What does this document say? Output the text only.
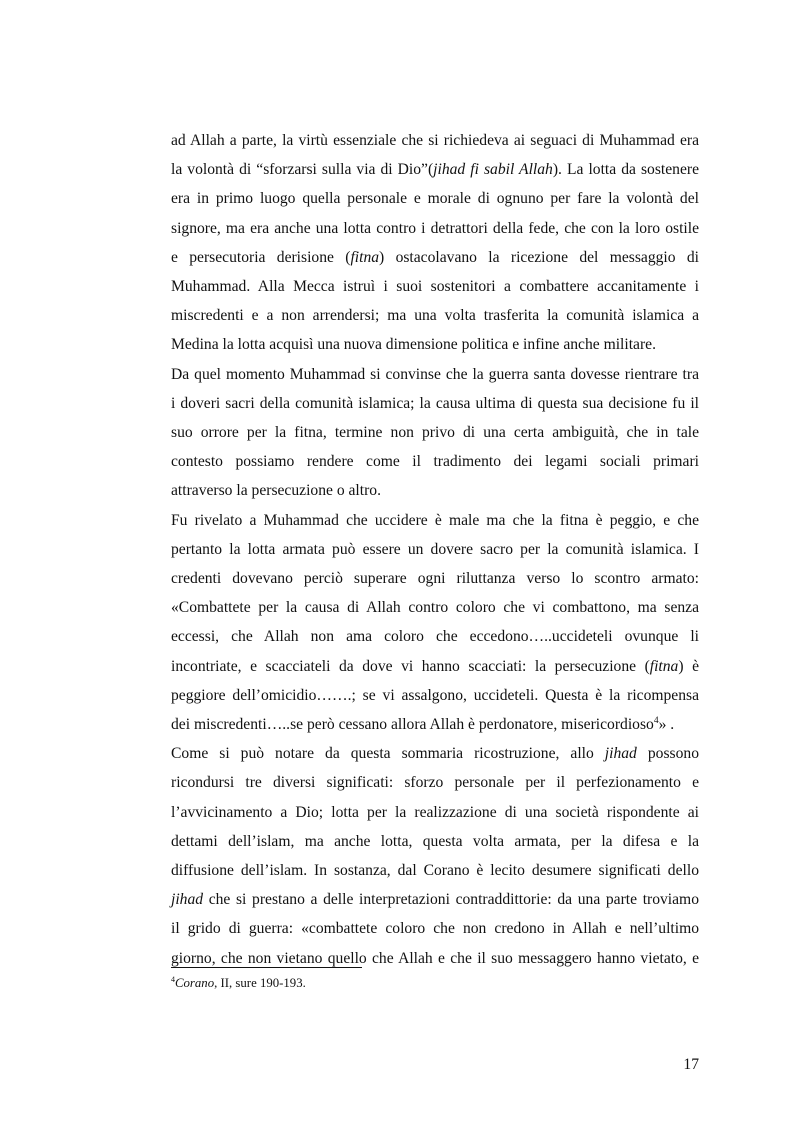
ad Allah a parte, la virtù essenziale che si richiedeva ai seguaci di Muhammad era
la volontà di “sforzarsi sulla via di Dio”(jihad fi sabil Allah). La lotta da sostenere
era in primo luogo quella personale e morale di ognuno per fare la volontà del
signore, ma era anche una lotta contro i detrattori della fede, che con la loro ostile
e persecutoria derisione (fitna) ostacolavano la ricezione del messaggio di
Muhammad. Alla Mecca istruì i suoi sostenitori a combattere accanitamente i
miscredenti e a non arrendersi; ma una volta trasferita la comunità islamica a
Medina la lotta acquisì una nuova dimensione politica e infine anche militare.

Da quel momento Muhammad si convinse che la guerra santa dovesse rientrare tra
i doveri sacri della comunità islamica; la causa ultima di questa sua decisione fu il
suo orrore per la fitna, termine non privo di una certa ambiguità, che in tale
contesto possiamo rendere come il tradimento dei legami sociali primari
attraverso la persecuzione o altro.

Fu rivelato a Muhammad che uccidere è male ma che la fitna è peggio, e che
pertanto la lotta armata può essere un dovere sacro per la comunità islamica. I
credenti dovevano perciò superare ogni riluttanza verso lo scontro armato:
«Combattete per la causa di Allah contro coloro che vi combattono, ma senza
eccessi, che Allah non ama coloro che eccedono…..uccideteli ovunque li
incontriate, e scacciateli da dove vi hanno scacciati: la persecuzione (fitna) è
peggiore dell’omicidio…….; se vi assalgono, uccideteli. Questa è la ricompensa
dei miscredenti…..se però cessano allora Allah è perdonatore, misericordioso$^4$» .

Come si può notare da questa sommaria ricostruzione, allo jihad possono
ricondursi tre diversi significati: sforzo personale per il perfezionamento e
l’avvicinamento a Dio; lotta per la realizzazione di una società rispondente ai
dettami dell’islam, ma anche lotta, questa volta armata, per la difesa e la
diffusione dell’islam. In sostanza, dal Corano è lecito desumere significati dello
jihad che si prestano a delle interpretazioni contraddittorie: da una parte troviamo
il grido di guerra: «combattete coloro che non credono in Allah e nell’ultimo
giorno, che non vietano quello che Allah e che il suo messaggero hanno vietato, e

$^4$Corano, II, sure 190-193.
17
